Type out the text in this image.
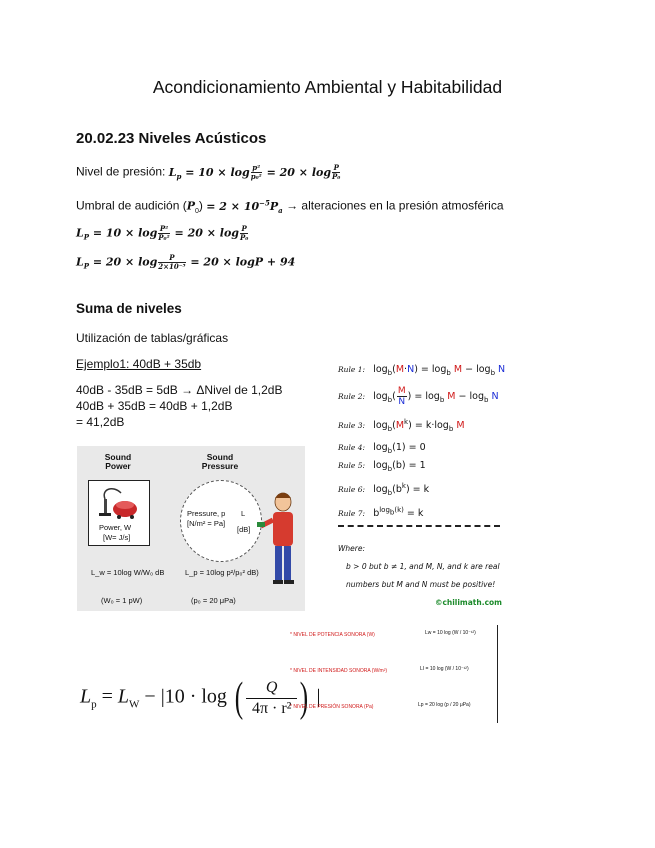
Acondicionamiento Ambiental y Habitabilidad
20.02.23 Niveles Acústicos
Nivel de presión: $L_p = 10 \times \log \frac{\text{p²}}{\text{p₀²}} = 20 \times \log \frac{P}{\text{P₀}}$
Umbral de audición $(P_0) = 2 \times 10^{-5}P_a$ → alteraciones en la presión atmosférica
$L_P = 10 \times \log \frac{\text{P²}}{\text{P₀²}} = 20 \times \log \frac{P}{\text{P₀}}$
$L_P = 20 \times \log \frac{P}{\text{2×10⁻⁵}} = 20 \times \log P + 94$
Suma de niveles
Utilización de tablas/gráficas
Ejemplo1: 40dB + 35db
40dB - 35dB = 5dB → ΔNivel de 1,2dB
40dB + 35dB = 40dB + 1,2dB
= 41,2dB
Rule 1: $\log_b(M\cdot N) = \log_b M - \log_b N$
Rule 2: $\log_b( \frac{M}{N}$ ) = $\log_b M - \log_b N$
Rule 3: $\log_b(M^k) = k\cdot\log_b$ M
Rule 4: $\log_b(1) = 0$
Rule 5: $\log_b(b) = 1$
Rule 6: $\log_b(b^k) = k$
Rule 7: $b^{log_b(k)} = k$
Where:
b > 0 but b ≠ 1, and M, N, and k are real
numbers but M and N must be positive!
©chilimath.com
Sound Power
Sound Pressure
Power, W
[W= J/s]
Pressure, p
[N/m² = Pa]
L
[dB]
L_w = 10log W/W₀ dB	L_p = 10log p²/p₀² dB)
(W₀ = 1 pW)	(p₀ = 20 μPa)
$L_p = L_W - |10 \cdot \log$ ( $\frac{Q}{\text{4π · r²}}$ ) |
* NIVEL DE POTENCIA SONORA (W)	Lw = 10 log (W / 10⁻¹²)
* NIVEL DE INTENSIDAD SONORA (W/m²)	LI = 10 log (W / 10⁻¹²)
* NIVEL DE PRESIÓN SONORA (Pa)	Lp = 20 log (p / 20 μPa)
